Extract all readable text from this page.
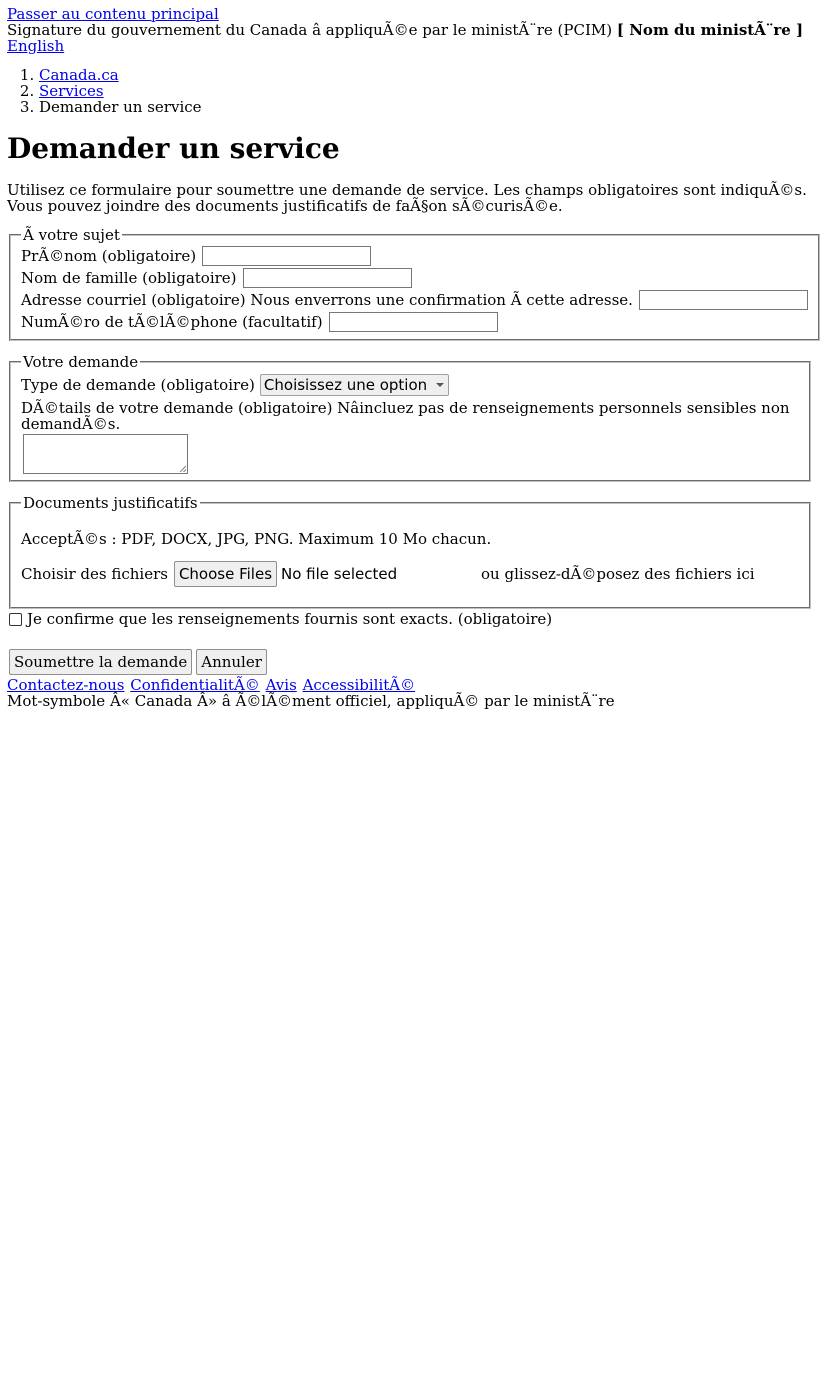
Passer au contenu principal
Signature du gouvernement du Canada â appliquÃ©e par le ministÃ¨re (PCIM) [ Nom du ministÃ¨re ]
English
1. Canada.ca
2. Services
3. Demander un service
Demander un service

Utilisez ce formulaire pour soumettre une demande de service. Les champs obligatoires sont indiquÃ©s. Vous pouvez joindre des documents justificatifs de faÃ§on sÃ©curisÃ©e.

Ã votre sujet
PrÃ©nom (obligatoire)
Nom de famille (obligatoire)
Adresse courriel (obligatoire) Nous enverrons une confirmation Ã cette adresse.
NumÃ©ro de tÃ©lÃ©phone (facultatif)
Votre demande
Type de demande (obligatoire) Choisissez une option
DÃ©tails de votre demande (obligatoire) Nâincluez pas de renseignements personnels sensibles non demandÃ©s.
Documents justificatifs

AcceptÃ©s : PDF, DOCX, JPG, PNG. Maximum 10 Mo chacun.

Choisir des fichiers Choose Files No file selected	ou glissez-dÃ©posez des fichiers ici
Je confirme que les renseignements fournis sont exacts. (obligatoire)
Soumettre la demande Annuler
Contactez-nous ConfidentialitÃ© Avis AccessibilitÃ©
Mot-symbole Â« Canada Â» â Ã©lÃ©ment officiel, appliquÃ© par le ministÃ¨re
